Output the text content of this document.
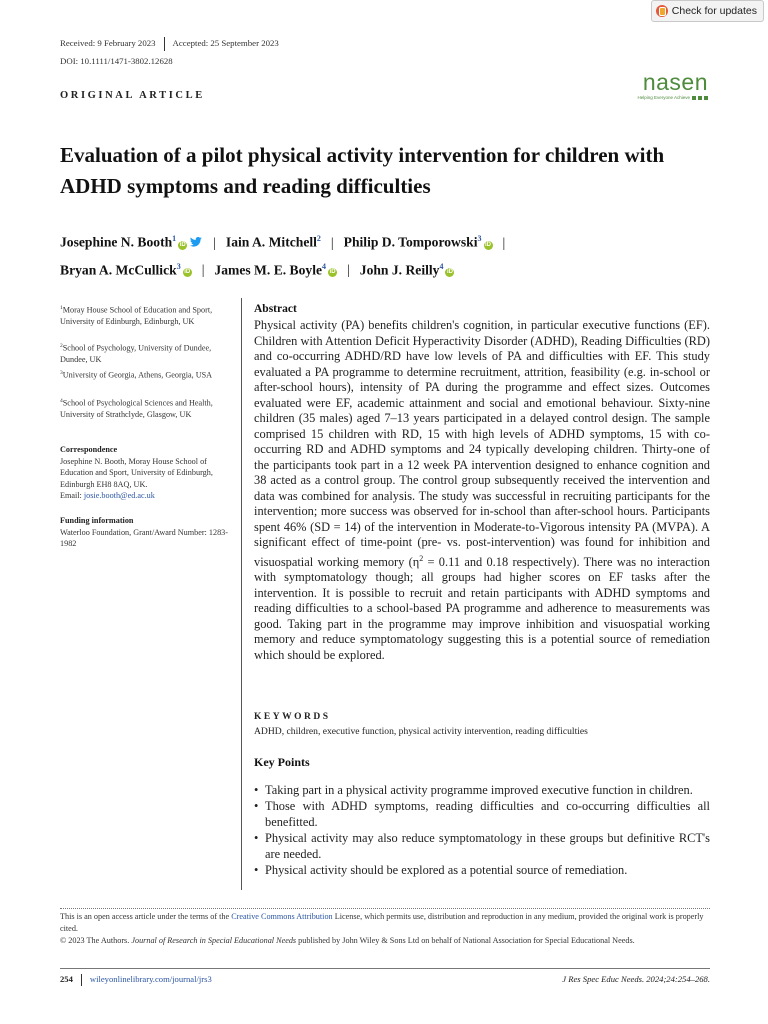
Check for updates
Received: 9 February 2023 Accepted: 25 September 2023
DOI: 10.1111/1471-3802.12628
ORIGINAL ARTICLE
nasen
Helping Everyone Achieve
Evaluation of a pilot physical activity intervention for children with ADHD symptoms and reading difficulties
Josephine N. Booth$^1$iD | Iain A. Mitchell$^2$ | Philip D. Tomporowski$^3$iD |
Bryan A. McCullick$^3$iD | James M. E. Boyle$^4$iD | John J. Reilly$^4$iD
$^1$Moray House School of Education and Sport, University of Edinburgh, Edinburgh, UK
$^2$School of Psychology, University of Dundee, Dundee, UK
$^3$University of Georgia, Athens, Georgia, USA
$^4$School of Psychological Sciences and Health, University of Strathclyde, Glasgow, UK
Correspondence
Josephine N. Booth, Moray House School of Education and Sport, University of Edinburgh, Edinburgh EH8 8AQ, UK.
Email: josie.booth@ed.ac.uk
Funding information
Waterloo Foundation, Grant/Award Number: 1283-1982
Abstract

Physical activity (PA) benefits children's cognition, in particular executive functions (EF). Children with Attention Deficit Hyperactivity Disorder (ADHD), Reading Difficulties (RD) and co-occurring ADHD/RD have low levels of PA and difficulties with EF. This study evaluated a PA programme to determine recruitment, attrition, feasibility (e.g. in-school or after-school hours), intensity of PA during the programme and effect sizes. Outcomes evaluated were EF, academic attainment and social and emotional behaviour. Sixty-nine children (35 males) aged 7–13 years participated in a delayed control design. The sample comprised 15 children with RD, 15 with high levels of ADHD symptoms, 15 with co-occurring RD and ADHD symptoms and 24 typically developing children. Thirty-one of the participants took part in a 12 week PA intervention designed to enhance cognition and 38 acted as a control group. The control group subsequently received the intervention and data was combined for analysis. The study was successful in recruiting participants for the intervention; more success was observed for in-school than after-school hours. Participants spent 46% (SD = 14) of the intervention in Moderate-to-Vigorous intensity PA (MVPA). A significant effect of time-point (pre- vs. post-intervention) was found for inhibition and visuospatial working memory ($\eta^2 = 0.11$ and 0.18 respectively). There was no interaction with symptomatology though; all groups had higher scores on EF tasks after the intervention. It is possible to recruit and retain participants with ADHD symptoms and reading difficulties to a school-based PA programme and adherence to measurements was good. Taking part in the programme may improve inhibition and visuospatial working memory and reduce symptomatology suggesting this is a potential source of remediation which should be explored.

KEYWORDS
ADHD, children, executive function, physical activity intervention, reading difficulties
Key Points
• Taking part in a physical activity programme improved executive function in children.
• Those with ADHD symptoms, reading difficulties and co-occurring difficulties all benefitted.
• Physical activity may also reduce symptomatology in these groups but definitive RCT's are needed.
• Physical activity should be explored as a potential source of remediation.
This is an open access article under the terms of the Creative Commons Attribution License, which permits use, distribution and reproduction in any medium, provided the original work is properly cited.
© 2023 The Authors. Journal of Research in Special Educational Needs published by John Wiley & Sons Ltd on behalf of National Association for Special Educational Needs.
254 wileyonlinelibrary.com/journal/jrs3	J Res Spec Educ Needs. 2024;24:254–268.
